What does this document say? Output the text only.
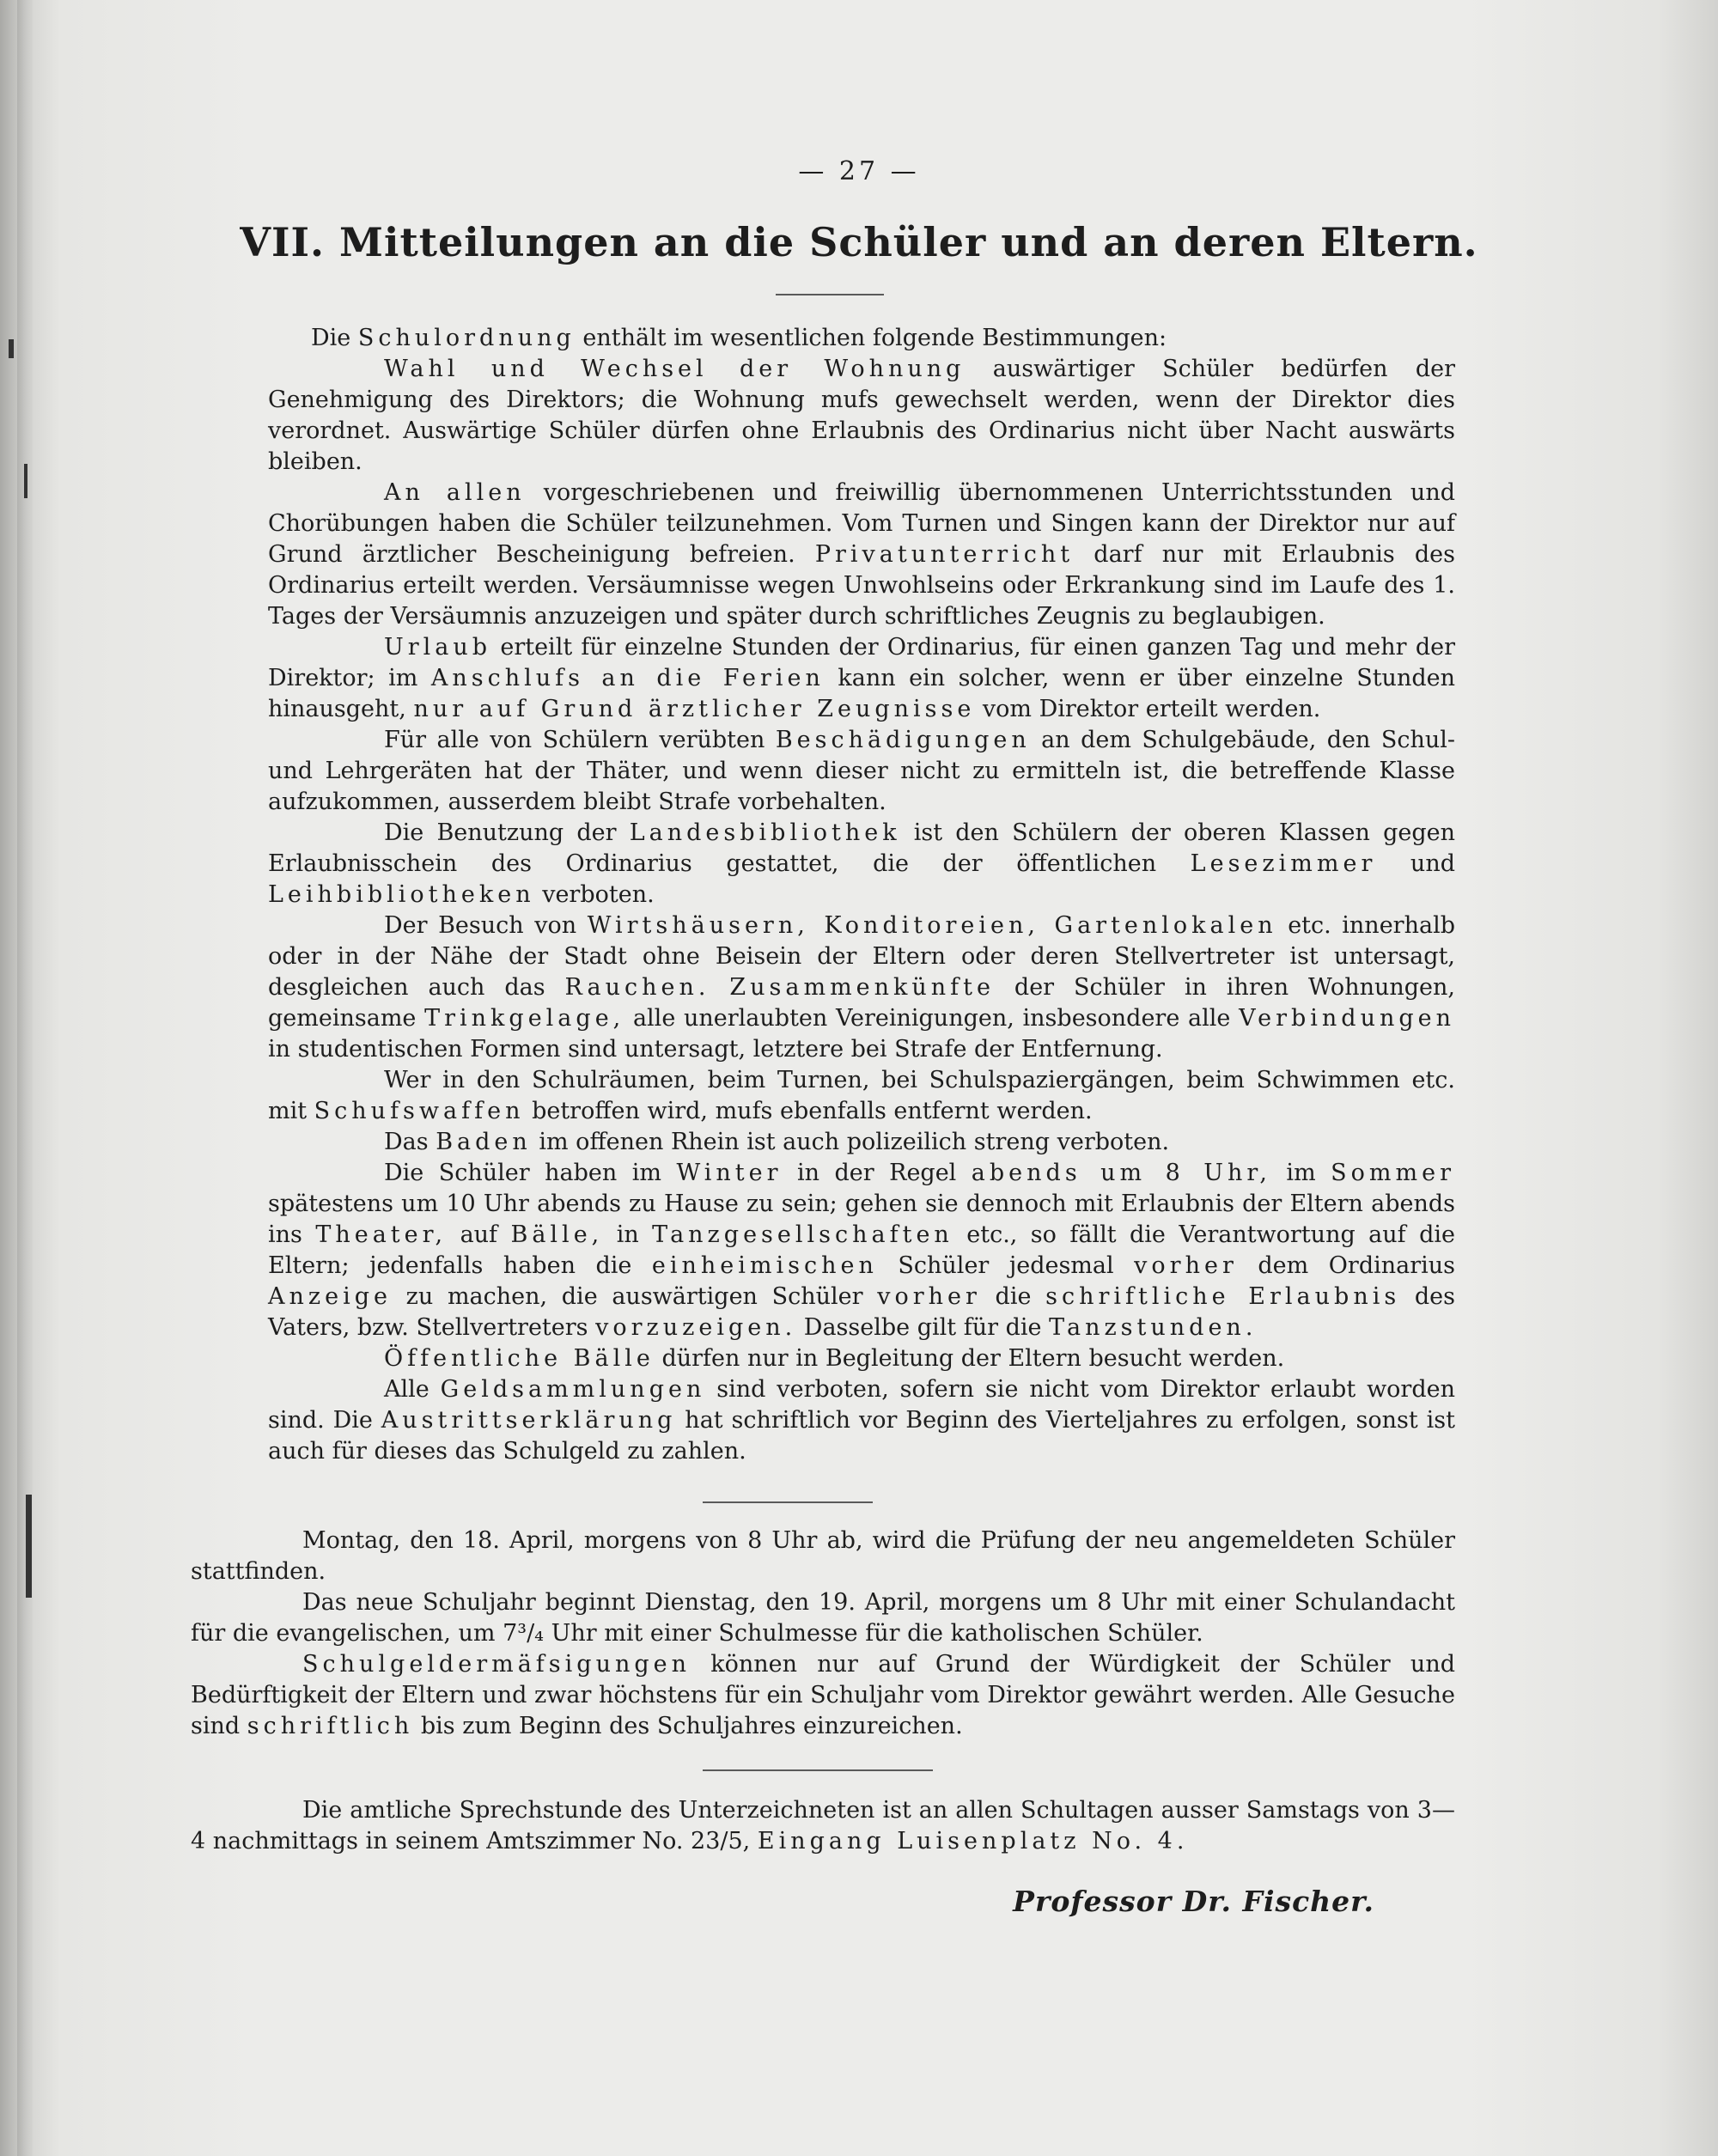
— 27 —
VII. Mitteilungen an die Schüler und an deren Eltern.

Die Schulordnung enthält im wesentlichen folgende Bestimmungen:

Wahl und Wechsel der Wohnung auswärtiger Schüler bedürfen der Genehmigung des Direktors; die Wohnung mufs gewechselt werden, wenn der Direktor dies verordnet. Auswärtige Schüler dürfen ohne Erlaubnis des Ordinarius nicht über Nacht auswärts bleiben.

An allen vorgeschriebenen und freiwillig übernommenen Unterrichtsstunden und Chorübungen haben die Schüler teilzunehmen. Vom Turnen und Singen kann der Direktor nur auf Grund ärztlicher Bescheinigung befreien. Privatunterricht darf nur mit Erlaubnis des Ordinarius erteilt werden. Versäumnisse wegen Unwohlseins oder Erkrankung sind im Laufe des 1. Tages der Versäumnis anzuzeigen und später durch schriftliches Zeugnis zu beglaubigen.

Urlaub erteilt für einzelne Stunden der Ordinarius, für einen ganzen Tag und mehr der Direktor; im Anschlufs an die Ferien kann ein solcher, wenn er über einzelne Stunden hinausgeht, nur auf Grund ärztlicher Zeugnisse vom Direktor erteilt werden.

Für alle von Schülern verübten Beschädigungen an dem Schulgebäude, den Schul- und Lehrgeräten hat der Thäter, und wenn dieser nicht zu ermitteln ist, die betreffende Klasse aufzukommen, ausserdem bleibt Strafe vorbehalten.

Die Benutzung der Landesbibliothek ist den Schülern der oberen Klassen gegen Erlaubnisschein des Ordinarius gestattet, die der öffentlichen Lesezimmer und Leihbibliotheken verboten.

Der Besuch von Wirtshäusern, Konditoreien, Gartenlokalen etc. innerhalb oder in der Nähe der Stadt ohne Beisein der Eltern oder deren Stellvertreter ist untersagt, desgleichen auch das Rauchen. Zusammenkünfte der Schüler in ihren Wohnungen, gemeinsame Trinkgelage, alle unerlaubten Vereinigungen, insbesondere alle Verbindungen in studentischen Formen sind untersagt, letztere bei Strafe der Entfernung.

Wer in den Schulräumen, beim Turnen, bei Schulspaziergängen, beim Schwimmen etc. mit Schufswaffen betroffen wird, mufs ebenfalls entfernt werden.

Das Baden im offenen Rhein ist auch polizeilich streng verboten.

Die Schüler haben im Winter in der Regel abends um 8 Uhr, im Sommer spätestens um 10 Uhr abends zu Hause zu sein; gehen sie dennoch mit Erlaubnis der Eltern abends ins Theater, auf Bälle, in Tanzgesellschaften etc., so fällt die Verantwortung auf die Eltern; jedenfalls haben die einheimischen Schüler jedesmal vorher dem Ordinarius Anzeige zu machen, die auswärtigen Schüler vorher die schriftliche Erlaubnis des Vaters, bzw. Stellvertreters vorzuzeigen. Dasselbe gilt für die Tanzstunden.

Öffentliche Bälle dürfen nur in Begleitung der Eltern besucht werden.

Alle Geldsammlungen sind verboten, sofern sie nicht vom Direktor erlaubt worden sind. Die Austrittserklärung hat schriftlich vor Beginn des Vierteljahres zu erfolgen, sonst ist auch für dieses das Schulgeld zu zahlen.

Montag, den 18. April, morgens von 8 Uhr ab, wird die Prüfung der neu angemeldeten Schüler stattfinden.

Das neue Schuljahr beginnt Dienstag, den 19. April, morgens um 8 Uhr mit einer Schulandacht für die evangelischen, um 7³/₄ Uhr mit einer Schulmesse für die katholischen Schüler.

Schulgeldermäfsigungen können nur auf Grund der Würdigkeit der Schüler und Bedürftigkeit der Eltern und zwar höchstens für ein Schuljahr vom Direktor gewährt werden. Alle Gesuche sind schriftlich bis zum Beginn des Schuljahres einzureichen.

Die amtliche Sprechstunde des Unterzeichneten ist an allen Schultagen ausser Samstags von 3—4 nachmittags in seinem Amtszimmer No. 23/5, Eingang Luisenplatz No. 4.

Professor Dr. Fischer.
